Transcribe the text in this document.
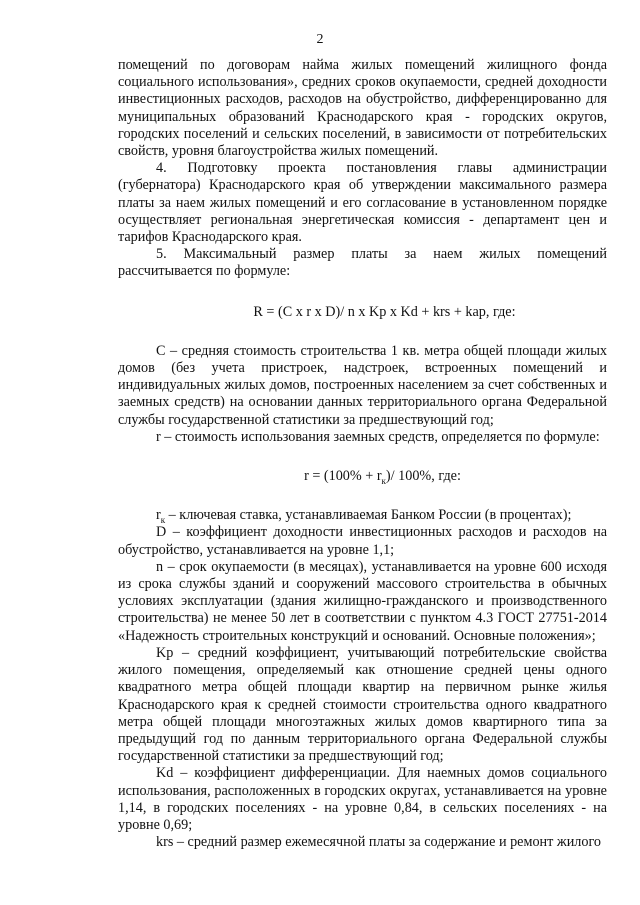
2

помещений по договорам найма жилых помещений жилищного фонда социального использования», средних сроков окупаемости, средней доходности инвестиционных расходов, расходов на обустройство, дифференцированно для муниципальных образований Краснодарского края - городских округов, городских поселений и сельских поселений, в зависимости от потребительских свойств, уровня благоустройства жилых помещений.

4. Подготовку проекта постановления главы администрации (губернатора) Краснодарского края об утверждении максимального размера платы за наем жилых помещений и его согласование в установленном порядке осуществляет региональная энергетическая комиссия - департамент цен и тарифов Краснодарского края.

5. Максимальный размер платы за наем жилых помещений рассчитывается по формуле:

R = (C x r x D)/ n x Kp x Kd + krs + kap, где:

C – средняя стоимость строительства 1 кв. метра общей площади жилых домов (без учета пристроек, надстроек, встроенных помещений и индивидуальных жилых домов, построенных населением за счет собственных и заемных средств) на основании данных территориального органа Федеральной службы государственной статистики за предшествующий год;

r – стоимость использования заемных средств, определяется по формуле:

$r = (100\% + r_к)/$ 100%, где:

$r_к$ – ключевая ставка, устанавливаемая Банком России (в процентах);

D – коэффициент доходности инвестиционных расходов и расходов на обустройство, устанавливается на уровне 1,1;

n – срок окупаемости (в месяцах), устанавливается на уровне 600 исходя из срока службы зданий и сооружений массового строительства в обычных условиях эксплуатации (здания жилищно-гражданского и производственного строительства) не менее 50 лет в соответствии с пунктом 4.3 ГОСТ 27751-2014 «Надежность строительных конструкций и оснований. Основные положения»;

Kp – средний коэффициент, учитывающий потребительские свойства жилого помещения, определяемый как отношение средней цены одного квадратного метра общей площади квартир на первичном рынке жилья Краснодарского края к средней стоимости строительства одного квадратного метра общей площади многоэтажных жилых домов квартирного типа за предыдущий год по данным территориального органа Федеральной службы государственной статистики за предшествующий год;

Kd – коэффициент дифференциации. Для наемных домов социального использования, расположенных в городских округах, устанавливается на уровне 1,14, в городских поселениях - на уровне 0,84, в сельских поселениях - на уровне 0,69;

krs – средний размер ежемесячной платы за содержание и ремонт жилого
